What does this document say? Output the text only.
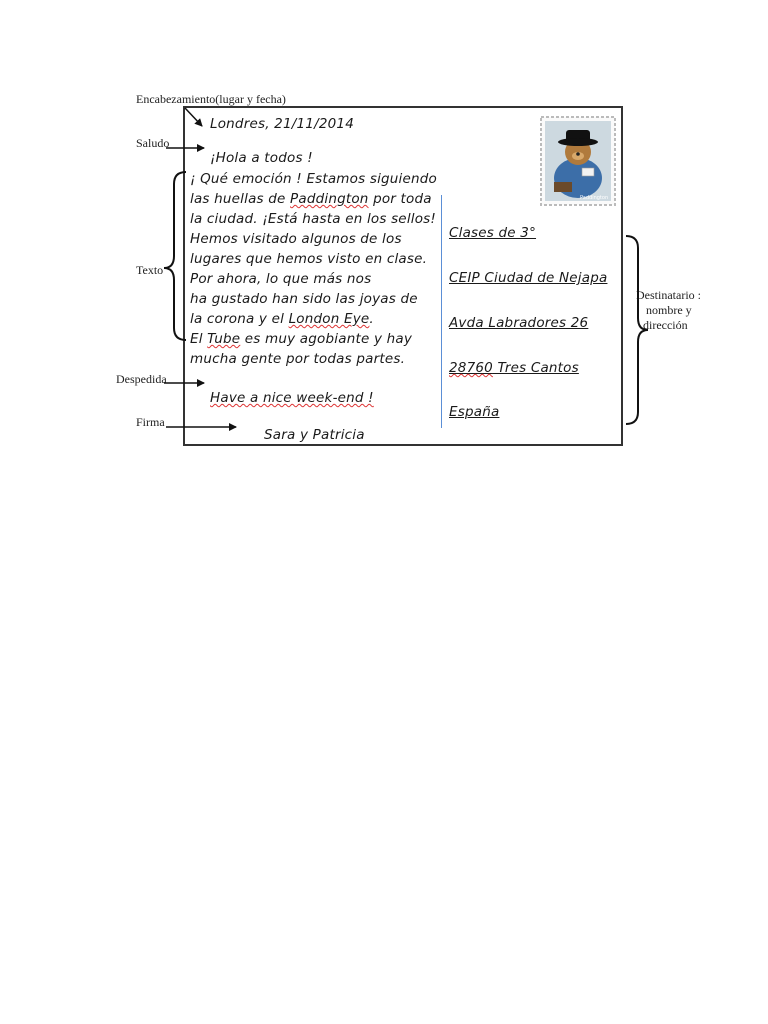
Encabezamiento(lugar y fecha)
Saludo
Texto
Despedida
Firma
Destinatario :
nombre y
dirección
Paddington
Londres, 21/11/2014
¡Hola a todos !
¡ Qué emoción ! Estamos siguiendo
las huellas de Paddington por toda
la ciudad. ¡Está hasta en los sellos!
Hemos visitado algunos de los
lugares que hemos visto en clase.
Por ahora, lo que más nos
ha gustado han sido las joyas de
la corona y el London Eye.
El Tube es muy agobiante y hay
mucha gente por todas partes.
Have a nice week-end !
Sara y Patricia
Clases de 3°
CEIP Ciudad de Nejapa
Avda Labradores 26
28760 Tres Cantos
España
